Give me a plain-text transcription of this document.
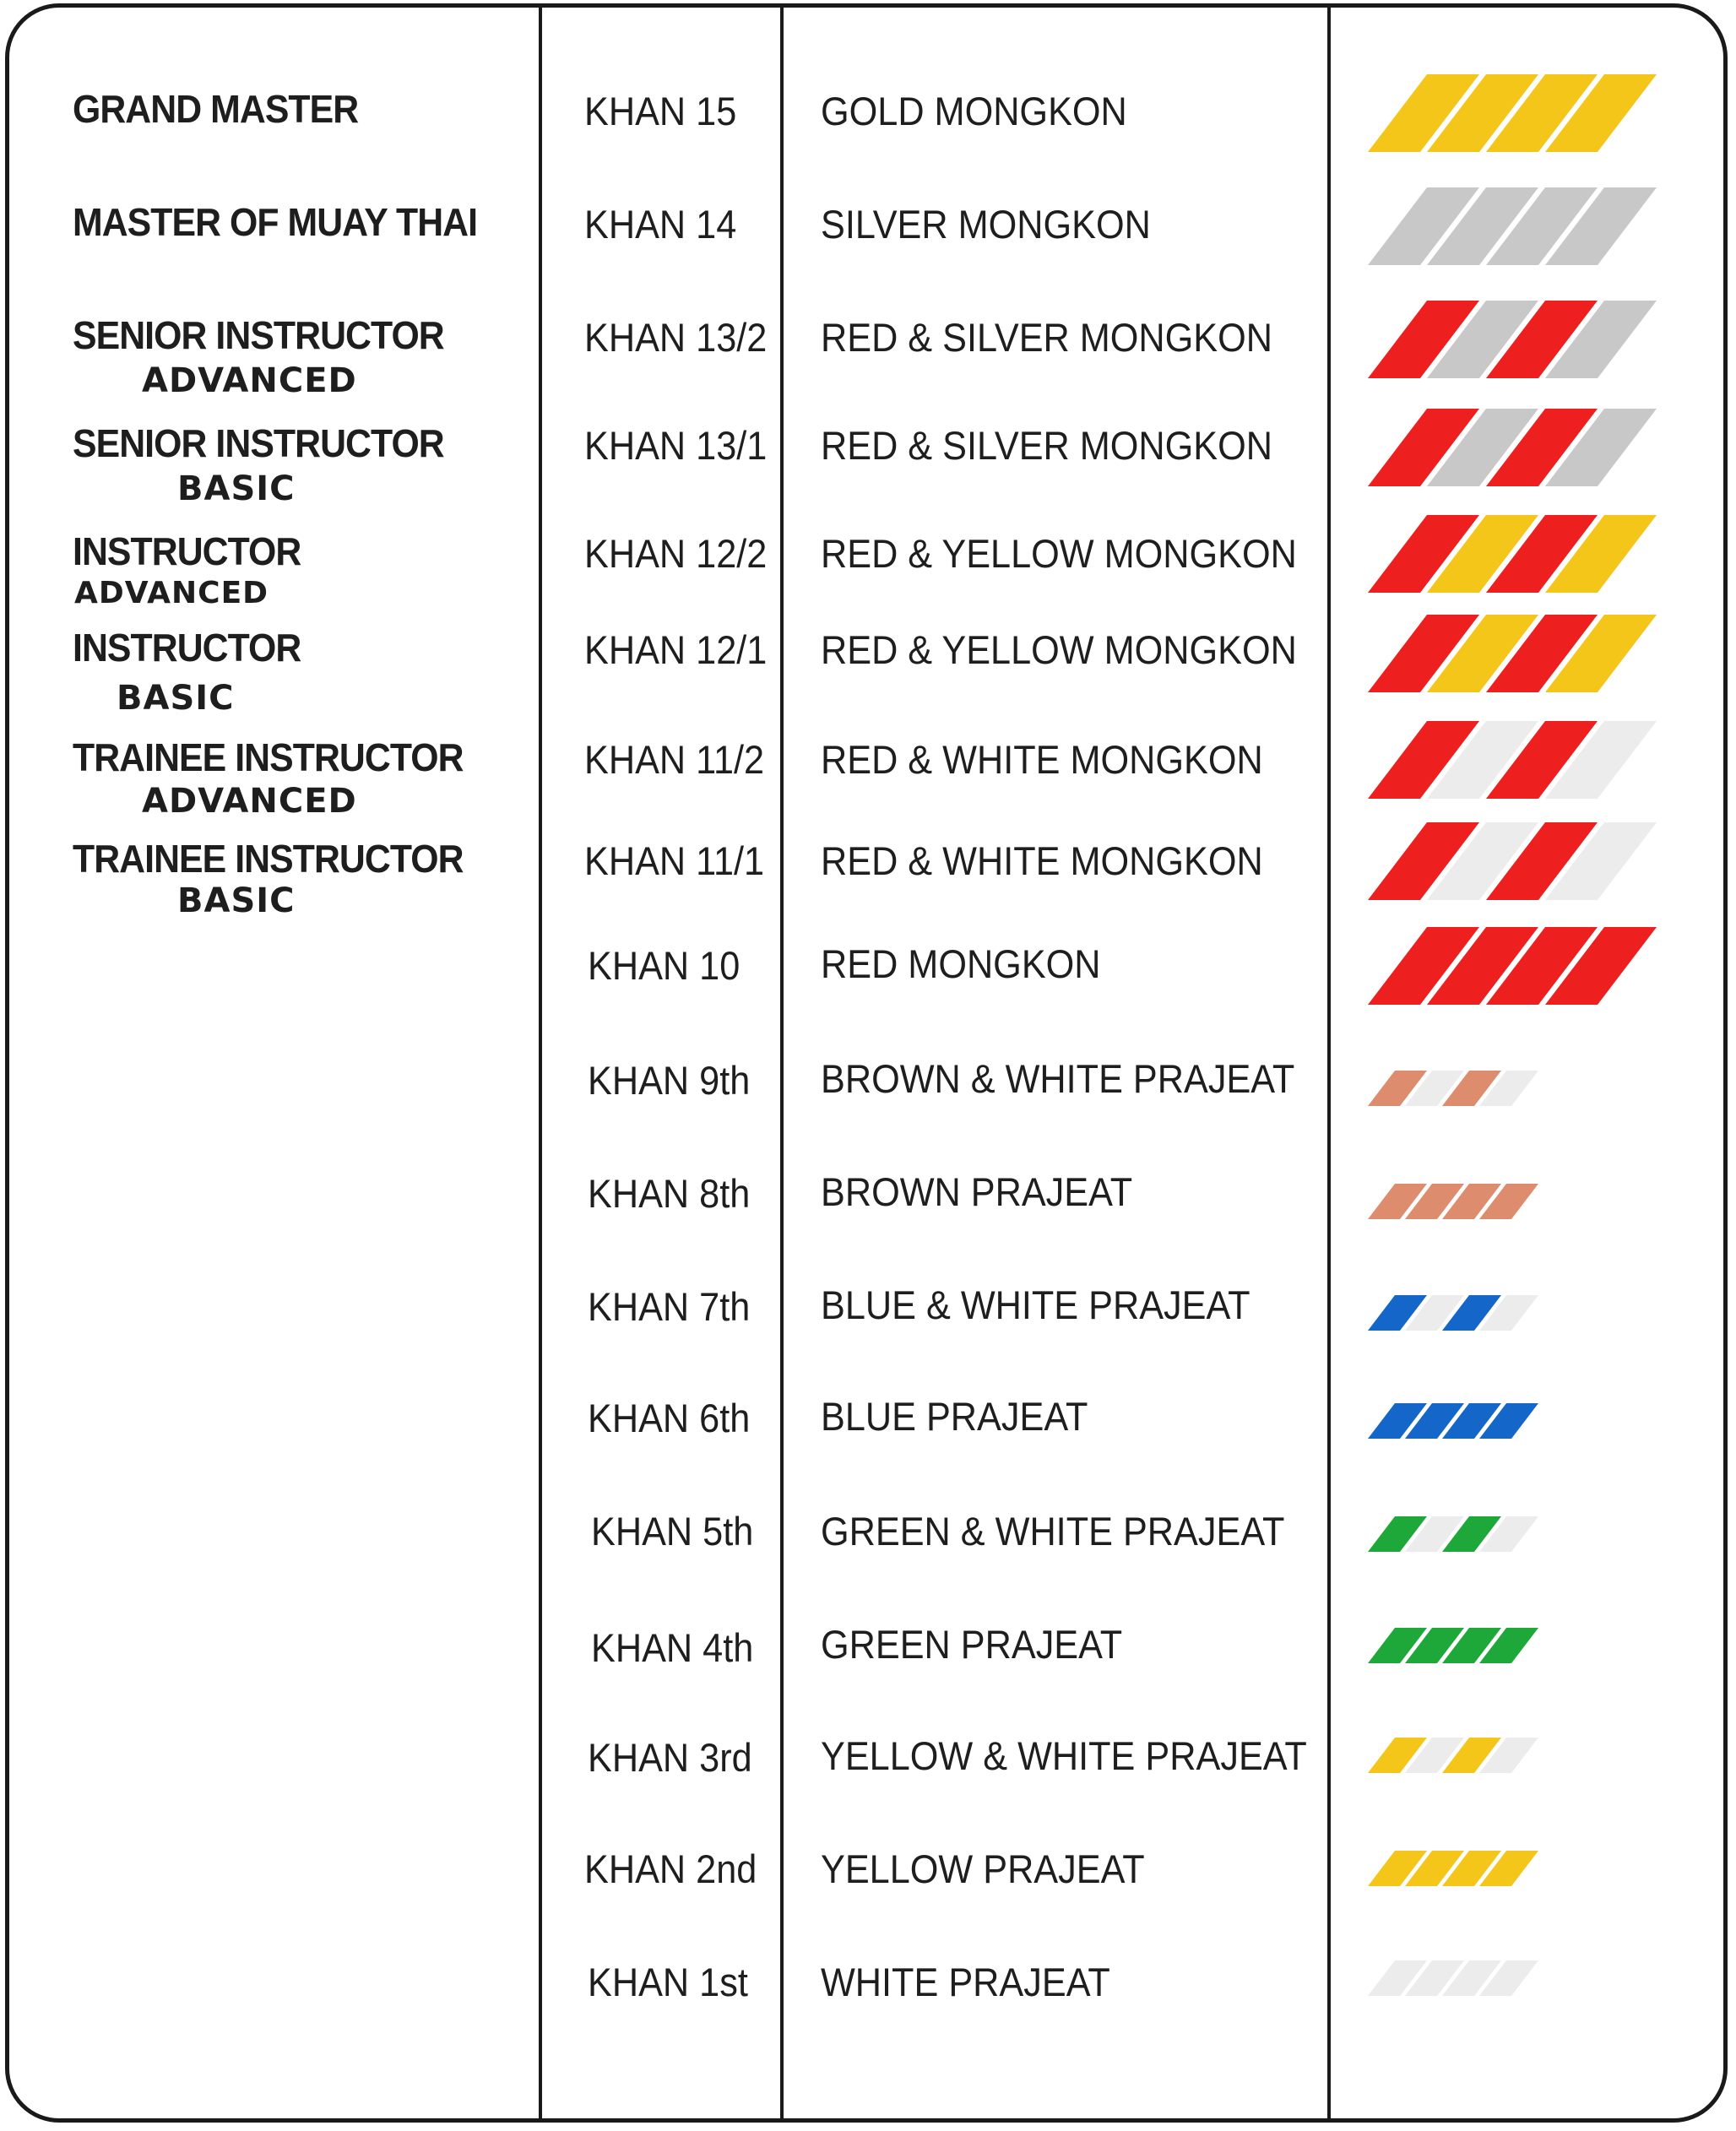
GRAND MASTER
MASTER OF MUAY THAI
SENIOR INSTRUCTOR
ADVANCED
SENIOR INSTRUCTOR
BASIC
INSTRUCTOR
ADVANCED
INSTRUCTOR
BASIC
TRAINEE INSTRUCTOR
ADVANCED
TRAINEE INSTRUCTOR
BASIC
KHAN 15
KHAN 14
KHAN 13/2
KHAN 13/1
KHAN 12/2
KHAN 12/1
KHAN 11/2
KHAN 11/1
KHAN 10
KHAN 9th
KHAN 8th
KHAN 7th
KHAN 6th
KHAN 5th
KHAN 4th
KHAN 3rd
KHAN 2nd
KHAN 1st
GOLD MONGKON
SILVER MONGKON
RED & SILVER MONGKON
RED & SILVER MONGKON
RED & YELLOW MONGKON
RED & YELLOW MONGKON
RED & WHITE MONGKON
RED & WHITE MONGKON
RED MONGKON
BROWN & WHITE PRAJEAT
BROWN PRAJEAT
BLUE & WHITE PRAJEAT
BLUE PRAJEAT
GREEN & WHITE PRAJEAT
GREEN PRAJEAT
YELLOW & WHITE PRAJEAT
YELLOW PRAJEAT
WHITE PRAJEAT
